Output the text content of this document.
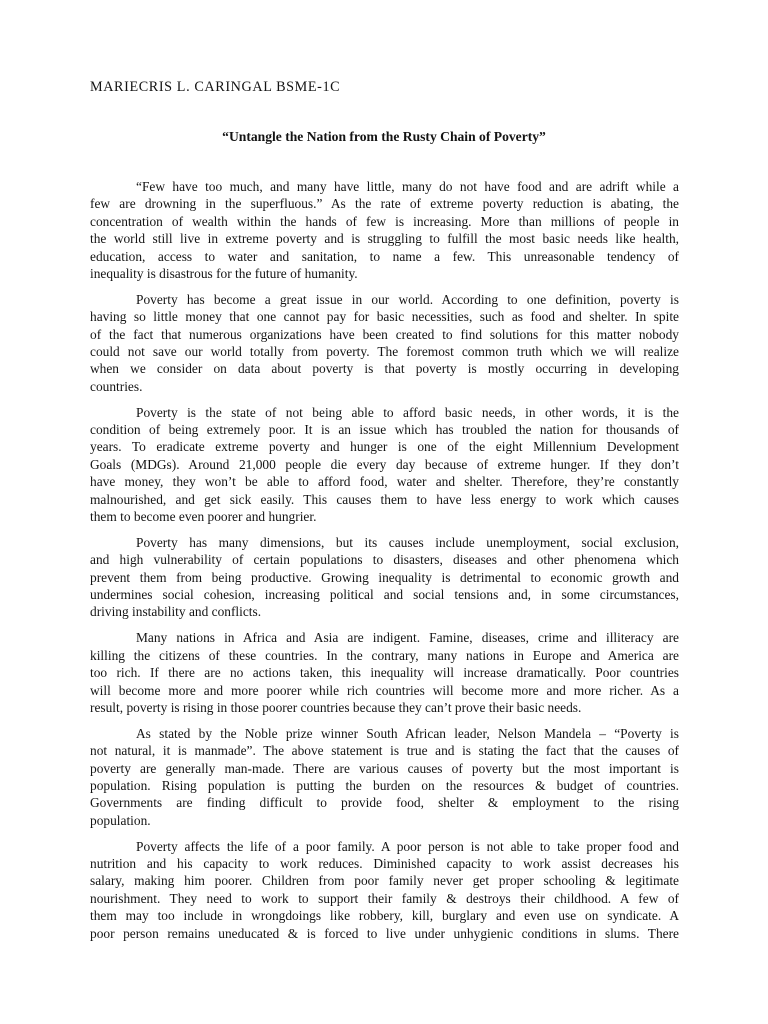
MARIECRIS L. CARINGAL BSME-1C
“Untangle the Nation from the Rusty Chain of Poverty”
“Few have too much, and many have little, many do not have food and are adrift while a
few are drowning in the superfluous.” As the rate of extreme poverty reduction is abating, the
concentration of wealth within the hands of few is increasing. More than millions of people in
the world still live in extreme poverty and is struggling to fulfill the most basic needs like health,
education, access to water and sanitation, to name a few. This unreasonable tendency of
inequality is disastrous for the future of humanity.
Poverty has become a great issue in our world. According to one definition, poverty is
having so little money that one cannot pay for basic necessities, such as food and shelter. In spite
of the fact that numerous organizations have been created to find solutions for this matter nobody
could not save our world totally from poverty. The foremost common truth which we will realize
when we consider on data about poverty is that poverty is mostly occurring in developing
countries.
Poverty is the state of not being able to afford basic needs, in other words, it is the
condition of being extremely poor. It is an issue which has troubled the nation for thousands of
years. To eradicate extreme poverty and hunger is one of the eight Millennium Development
Goals (MDGs). Around 21,000 people die every day because of extreme hunger. If they don’t
have money, they won’t be able to afford food, water and shelter. Therefore, they’re constantly
malnourished, and get sick easily. This causes them to have less energy to work which causes
them to become even poorer and hungrier.
Poverty has many dimensions, but its causes include unemployment, social exclusion,
and high vulnerability of certain populations to disasters, diseases and other phenomena which
prevent them from being productive. Growing inequality is detrimental to economic growth and
undermines social cohesion, increasing political and social tensions and, in some circumstances,
driving instability and conflicts.
Many nations in Africa and Asia are indigent. Famine, diseases, crime and illiteracy are
killing the citizens of these countries. In the contrary, many nations in Europe and America are
too rich. If there are no actions taken, this inequality will increase dramatically. Poor countries
will become more and more poorer while rich countries will become more and more richer. As a
result, poverty is rising in those poorer countries because they can’t prove their basic needs.
As stated by the Noble prize winner South African leader, Nelson Mandela – “Poverty is
not natural, it is manmade”. The above statement is true and is stating the fact that the causes of
poverty are generally man-made. There are various causes of poverty but the most important is
population. Rising population is putting the burden on the resources & budget of countries.
Governments are finding difficult to provide food, shelter & employment to the rising
population.
Poverty affects the life of a poor family. A poor person is not able to take proper food and
nutrition and his capacity to work reduces. Diminished capacity to work assist decreases his
salary, making him poorer. Children from poor family never get proper schooling & legitimate
nourishment. They need to work to support their family & destroys their childhood. A few of
them may too include in wrongdoings like robbery, kill, burglary and even use on syndicate. A
poor person remains uneducated & is forced to live under unhygienic conditions in slums. There
